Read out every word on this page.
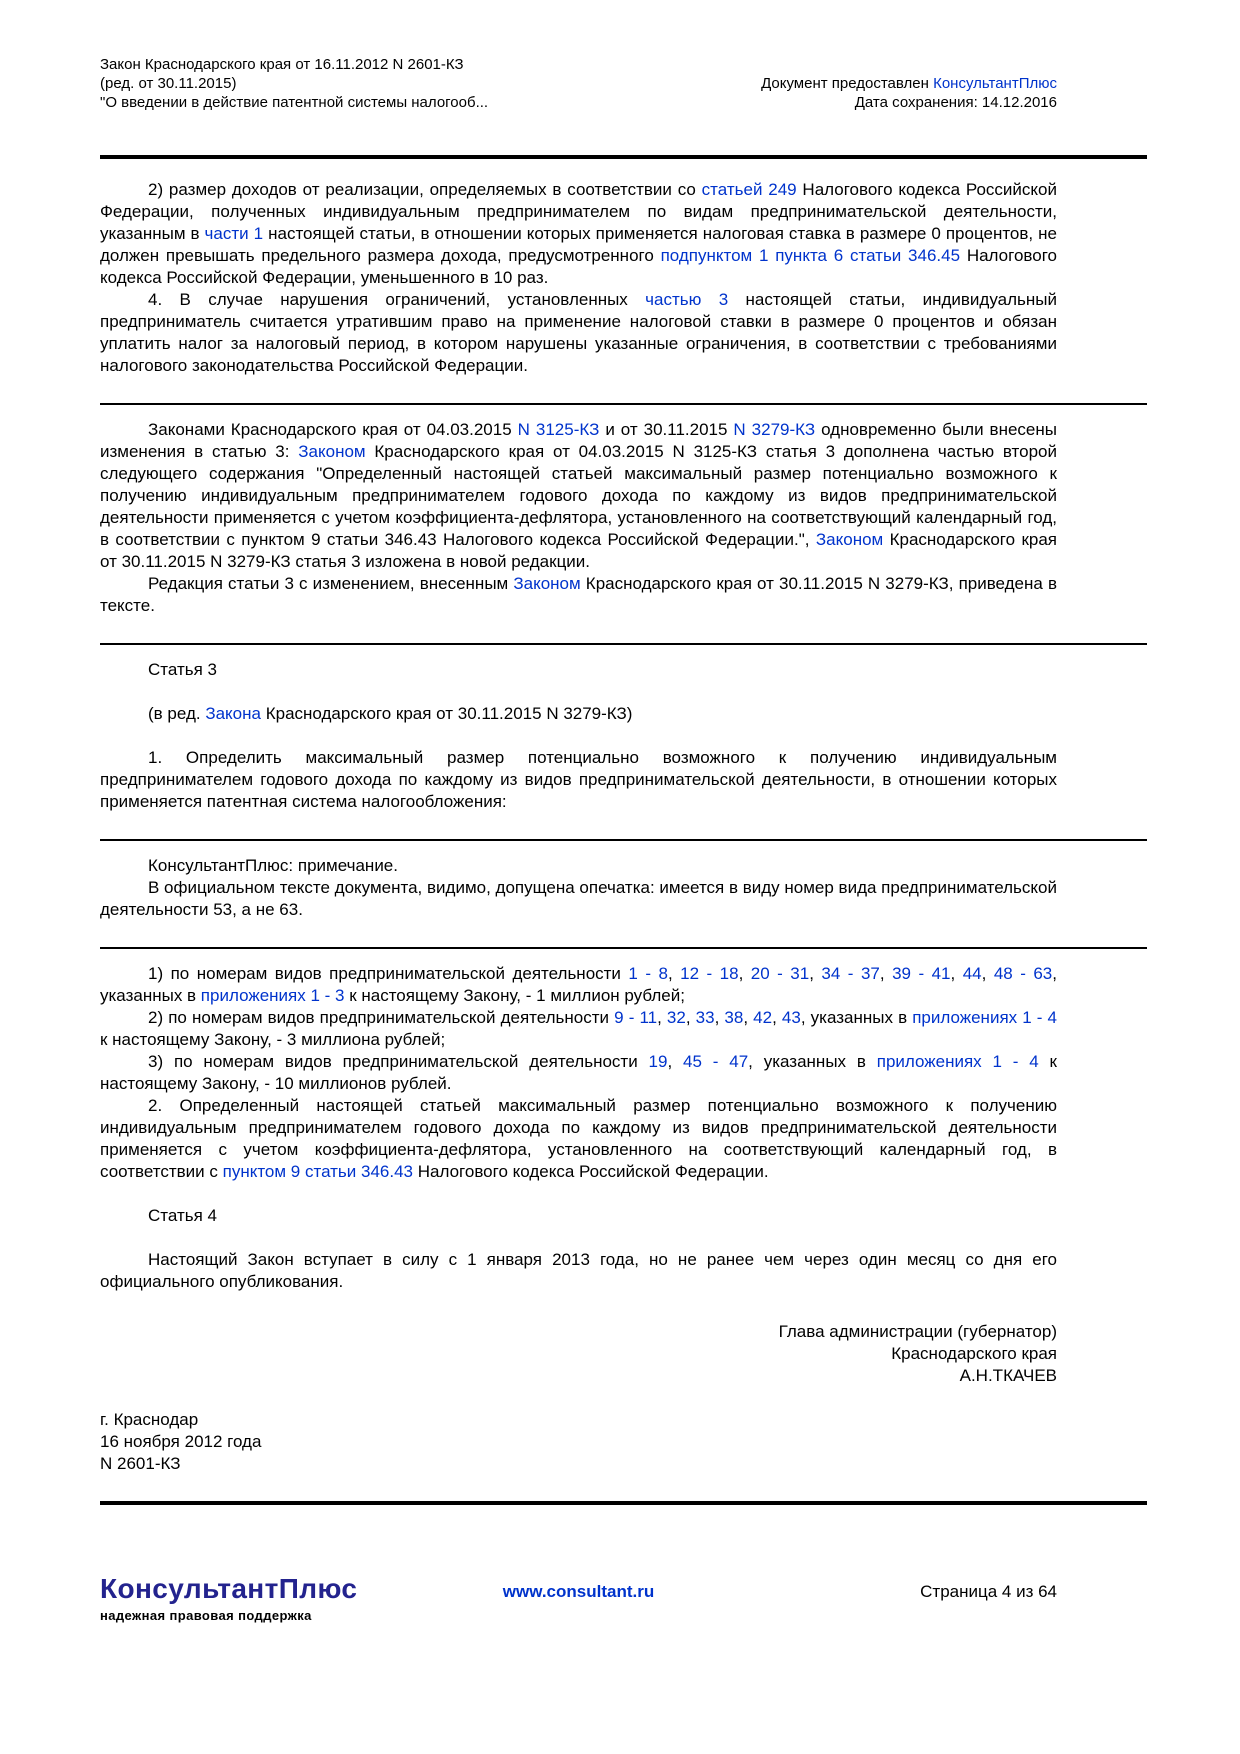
Закон Краснодарского края от 16.11.2012 N 2601-КЗ
(ред. от 30.11.2015)
"О введении в действие патентной системы налогооб...
Документ предоставлен КонсультантПлюс
Дата сохранения: 14.12.2016

2) размер доходов от реализации, определяемых в соответствии со статьей 249 Налогового кодекса Российской Федерации, полученных индивидуальным предпринимателем по видам предпринимательской деятельности, указанным в части 1 настоящей статьи, в отношении которых применяется налоговая ставка в размере 0 процентов, не должен превышать предельного размера дохода, предусмотренного подпунктом 1 пункта 6 статьи 346.45 Налогового кодекса Российской Федерации, уменьшенного в 10 раз.

4. В случае нарушения ограничений, установленных частью 3 настоящей статьи, индивидуальный предприниматель считается утратившим право на применение налоговой ставки в размере 0 процентов и обязан уплатить налог за налоговый период, в котором нарушены указанные ограничения, в соответствии с требованиями налогового законодательства Российской Федерации.

Законами Краснодарского края от 04.03.2015 N 3125-КЗ и от 30.11.2015 N 3279-КЗ одновременно были внесены изменения в статью 3: Законом Краснодарского края от 04.03.2015 N 3125-КЗ статья 3 дополнена частью второй следующего содержания "Определенный настоящей статьей максимальный размер потенциально возможного к получению индивидуальным предпринимателем годового дохода по каждому из видов предпринимательской деятельности применяется с учетом коэффициента-дефлятора, установленного на соответствующий календарный год, в соответствии с пунктом 9 статьи 346.43 Налогового кодекса Российской Федерации.", Законом Краснодарского края от 30.11.2015 N 3279-КЗ статья 3 изложена в новой редакции.

Редакция статьи 3 с изменением, внесенным Законом Краснодарского края от 30.11.2015 N 3279-КЗ, приведена в тексте.

Статья 3

(в ред. Закона Краснодарского края от 30.11.2015 N 3279-КЗ)

1. Определить максимальный размер потенциально возможного к получению индивидуальным предпринимателем годового дохода по каждому из видов предпринимательской деятельности, в отношении которых применяется патентная система налогообложения:

КонсультантПлюс: примечание.

В официальном тексте документа, видимо, допущена опечатка: имеется в виду номер вида предпринимательской деятельности 53, а не 63.

1) по номерам видов предпринимательской деятельности 1 - 8, 12 - 18, 20 - 31, 34 - 37, 39 - 41, 44, 48 - 63, указанных в приложениях 1 - 3 к настоящему Закону, - 1 миллион рублей;

2) по номерам видов предпринимательской деятельности 9 - 11, 32, 33, 38, 42, 43, указанных в приложениях 1 - 4 к настоящему Закону, - 3 миллиона рублей;

3) по номерам видов предпринимательской деятельности 19, 45 - 47, указанных в приложениях 1 - 4 к настоящему Закону, - 10 миллионов рублей.

2. Определенный настоящей статьей максимальный размер потенциально возможного к получению индивидуальным предпринимателем годового дохода по каждому из видов предпринимательской деятельности применяется с учетом коэффициента-дефлятора, установленного на соответствующий календарный год, в соответствии с пунктом 9 статьи 346.43 Налогового кодекса Российской Федерации.

Статья 4

Настоящий Закон вступает в силу с 1 января 2013 года, но не ранее чем через один месяц со дня его официального опубликования.

Глава администрации (губернатор)

Краснодарского края

А.Н.ТКАЧЕВ

г. Краснодар

16 ноября 2012 года

N 2601-КЗ

КонсультантПлюс
надежная правовая поддержка
www.consultant.ru	Страница 4 из 64
